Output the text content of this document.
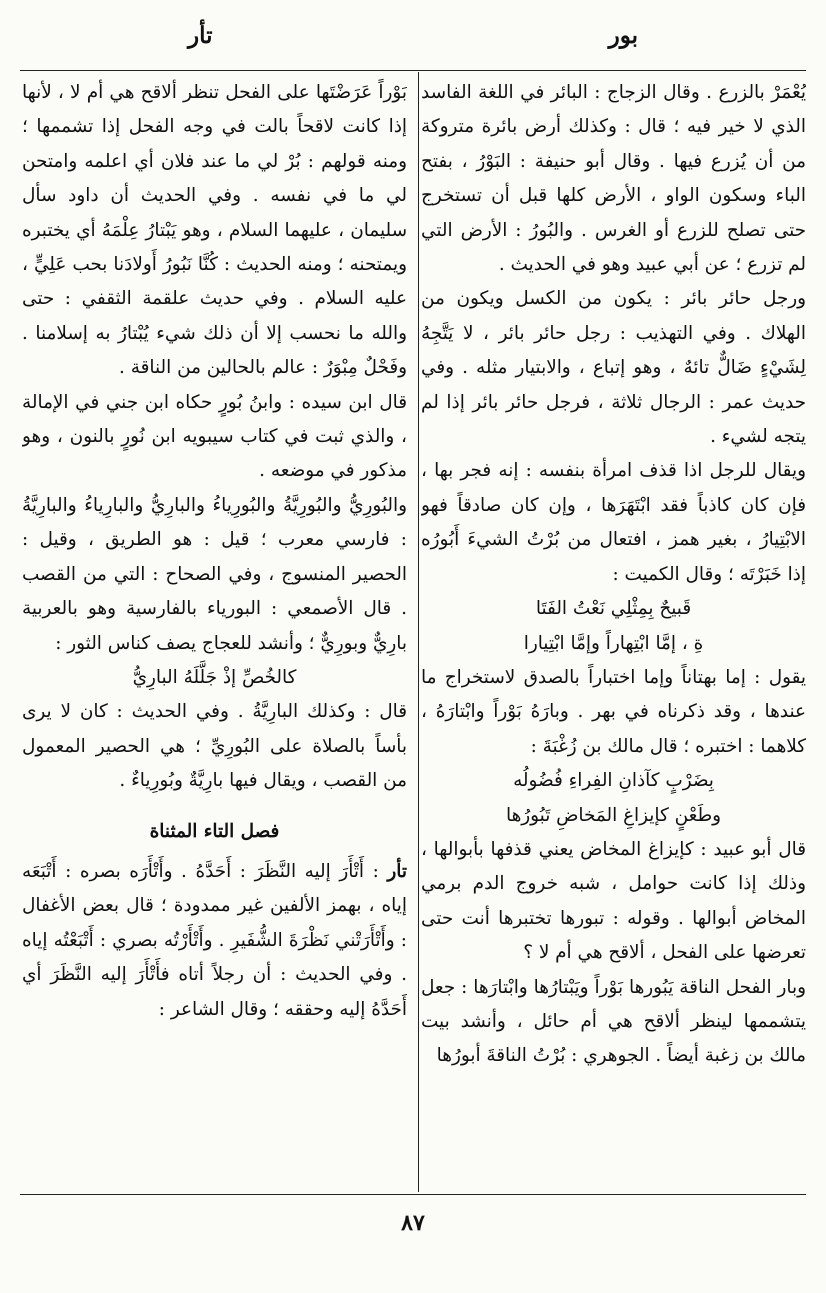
بور
تأر

يُعْمَرْ بالزرع . وقال الزجاج : البائر في اللغة الفاسد الذي لا خير فيه ؛ قال : وكذلك أرض بائرة متروكة من أن يُزرع فيها . وقال أبو حنيفة : البَوْرُ ، بفتح الباء وسكون الواو ، الأرض كلها قبل أن تستخرج حتى تصلح للزرع أو الغرس . والبُورُ : الأرض التي لم تزرع ؛ عن أبي عبيد وهو في الحديث .

ورجل حائر بائر : يكون من الكسل ويكون من الهلاك . وفي التهذيب : رجل حائر بائر ، لا يَتَّجِهُ لِشَيْءٍ ضَالٌّ تائهٌ ، وهو إتباع ، والابتيار مثله . وفي حديث عمر : الرجال ثلاثة ، فرجل حائر بائر إذا لم يتجه لشيء .

ويقال للرجل اذا قذف امرأة بنفسه : إنه فجر بها ، فإن كان كاذباً فقد ابْتَهَرَها ، وإن كان صادقاً فهو الابْتِيارُ ، بغير همز ، افتعال من بُرْتُ الشيءَ أَبُورُه إذا خَبَرْتَه ؛ وقال الكميت :

قَبيحٌ بِمِثْلِي نَعْتُ الفَتَا

ةِ ، إمَّا ابْتِهاراً وإمَّا ابْتِيارا

يقول : إما بهتاناً وإما اختباراً بالصدق لاستخراج ما عندها ، وقد ذكرناه في بهر . وبارَهُ بَوْراً وابْتارَهُ ، كلاهما : اختبره ؛ قال مالك بن زُغْبَةَ :

بِضَرْبٍ كآذانِ الفِراءِ فُضُولُه

وطَعْنٍ كإيزاغِ المَخاضِ تَبُورُها

قال أبو عبيد : كإيزاغ المخاض يعني قذفها بأبوالها ، وذلك إذا كانت حوامل ، شبه خروج الدم برمي المخاض أبوالها . وقوله : تبورها تختبرها أنت حتى تعرضها على الفحل ، ألاقح هي أم لا ؟

وبار الفحل الناقة يَبُورها بَوْراً ويَبْتارُها وابْتارَها : جعل يتشممها لينظر ألاقح هي أم حائل ، وأنشد بيت مالك بن زغبة أيضاً . الجوهري : بُرْتُ الناقةَ أبورُها

بَوْراً عَرَضْتَها على الفحل تنظر ألاقح هي أم لا ، لأنها إذا كانت لاقحاً بالت في وجه الفحل إذا تشممها ؛ ومنه قولهم : بُرْ لي ما عند فلان أي اعلمه وامتحن لي ما في نفسه . وفي الحديث أن داود سأل سليمان ، عليهما السلام ، وهو يَبْتارُ عِلْمَهُ أي يختبره ويمتحنه ؛ ومنه الحديث : كُنَّا نَبُورُ أَولادَنا بحب عَلِيٍّ ، عليه السلام . وفي حديث علقمة الثقفي : حتى والله ما نحسب إلا أن ذلك شيء يُبْتارُ به إسلامنا . وفَحْلٌ مِبْوَرٌ : عالم بالحالين من الناقة .

قال ابن سيده : وابنُ بُورٍ حكاه ابن جني في الإمالة ، والذي ثبت في كتاب سيبويه ابن نُورٍ بالنون ، وهو مذكور في موضعه .

والبُورِيُّ والبُورِيَّةُ والبُورِياءُ والبارِيُّ والبارِياءُ والبارِيَّةُ : فارسي معرب ؛ قيل : هو الطريق ، وقيل : الحصير المنسوج ، وفي الصحاح : التي من القصب . قال الأصمعي : البورياء بالفارسية وهو بالعربية بارِيٌّ وبورِيٌّ ؛ وأنشد للعجاج يصف كناس الثور :

كالخُصِّ إذْ جَلَّلَهُ البارِيُّ

قال : وكذلك البارِيَّةُ . وفي الحديث : كان لا يرى بأساً بالصلاة على البُورِيِّ ؛ هي الحصير المعمول من القصب ، ويقال فيها بارِيَّةٌ وبُورِياءٌ .

فصل التاء المثناة

تأر : أَتْأَرَ إليه النَّظَرَ : أَحَدَّهُ . وأَتْأَرَه بصره : أَتْبَعَه إياه ، بهمز الألفين غير ممدودة ؛ قال بعض الأغفال : وأَتْأَرَتْني نَظْرَةَ الشُّفَيرِ . وأَتْأَرْتُه بصري : أَتْبَعْتُه إياه . وفي الحديث : أن رجلاً أتاه فأَتْأَرَ إليه النَّظَرَ أي أَحَدَّهُ إليه وحققه ؛ وقال الشاعر :

٨٧
